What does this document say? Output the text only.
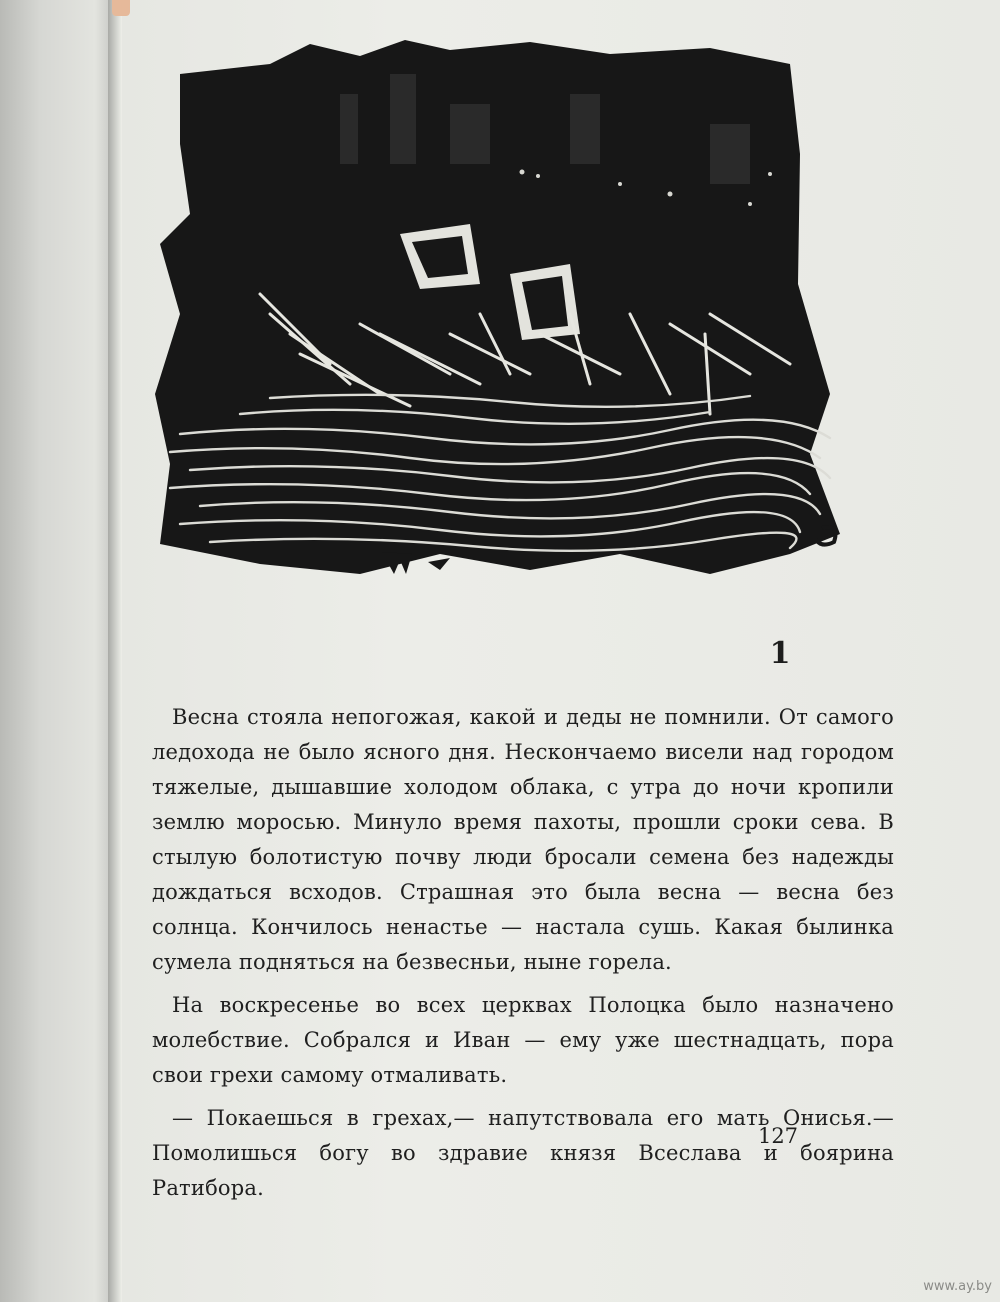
1

Весна стояла непогожая, какой и деды не помнили. От самого ледохода не было ясного дня. Нескончаемо висели над городом тяжелые, дышавшие холодом облака, с утра до ночи кропили землю моросью. Минуло время пахоты, прошли сроки сева. В стылую болотистую почву люди бросали семена без надежды дождаться всходов. Страшная это была весна — весна без солнца. Кончилось ненастье — настала сушь. Какая былинка сумела подняться на безвесньи, ныне горела.

На воскресенье во всех церквах Полоцка было назначено молебствие. Собрался и Иван — ему уже шестнадцать, пора свои грехи самому отмаливать.

— Покаешься в грехах,— напутствовала его мать Онисья.— Помолишься богу во здравие князя Всеслава и боярина Ратибора.

127
www.ay.by
